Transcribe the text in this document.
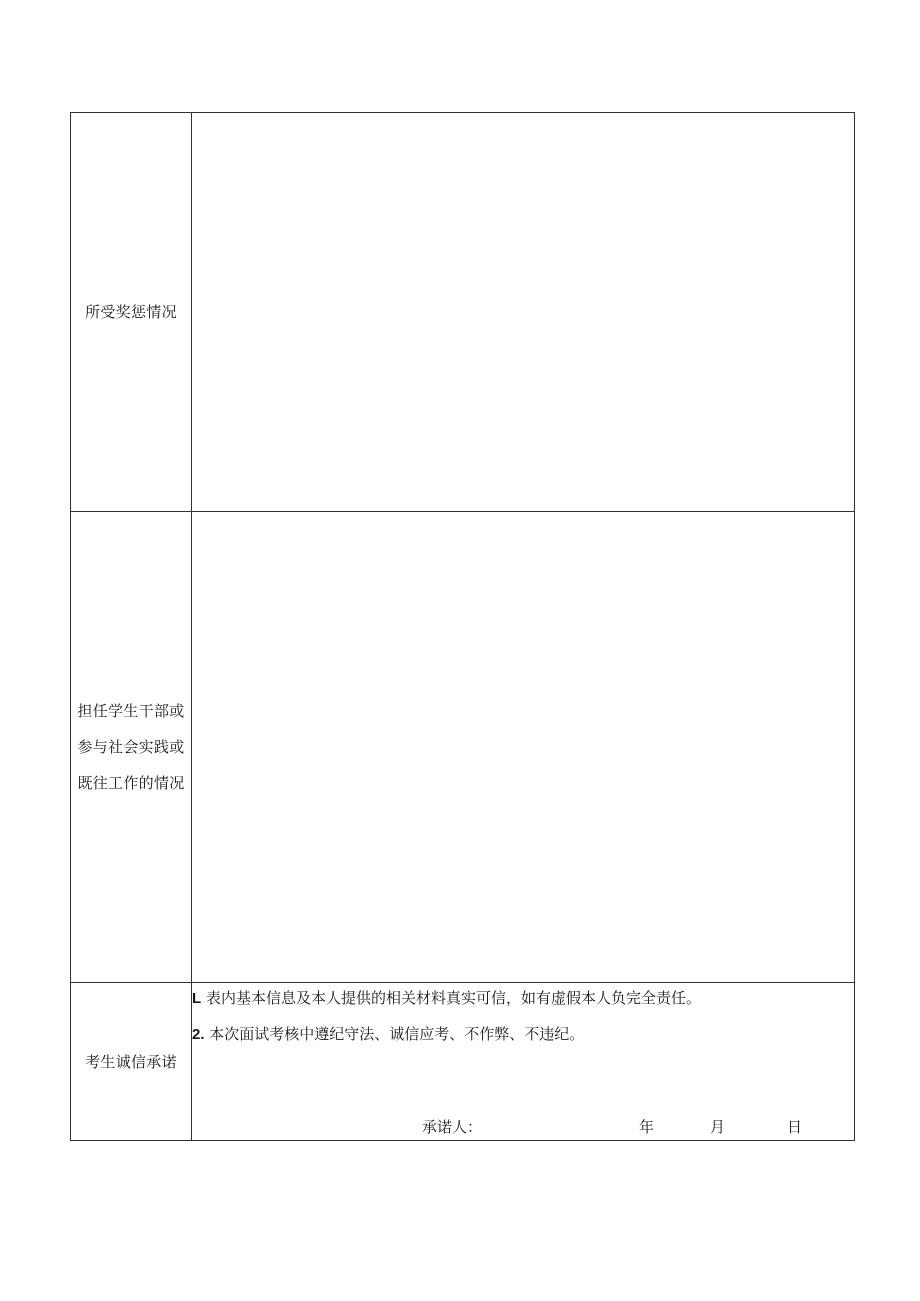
所受奖惩情况
担任学生干部或
参与社会实践或
既往工作的情况
考生诚信承诺
L 表内基本信息及本人提供的相关材料真实可信，如有虚假本人负完全责任。
2. 本次面试考核中遵纪守法、诚信应考、不作弊、不违纪。
承诺人：	年	月	日
